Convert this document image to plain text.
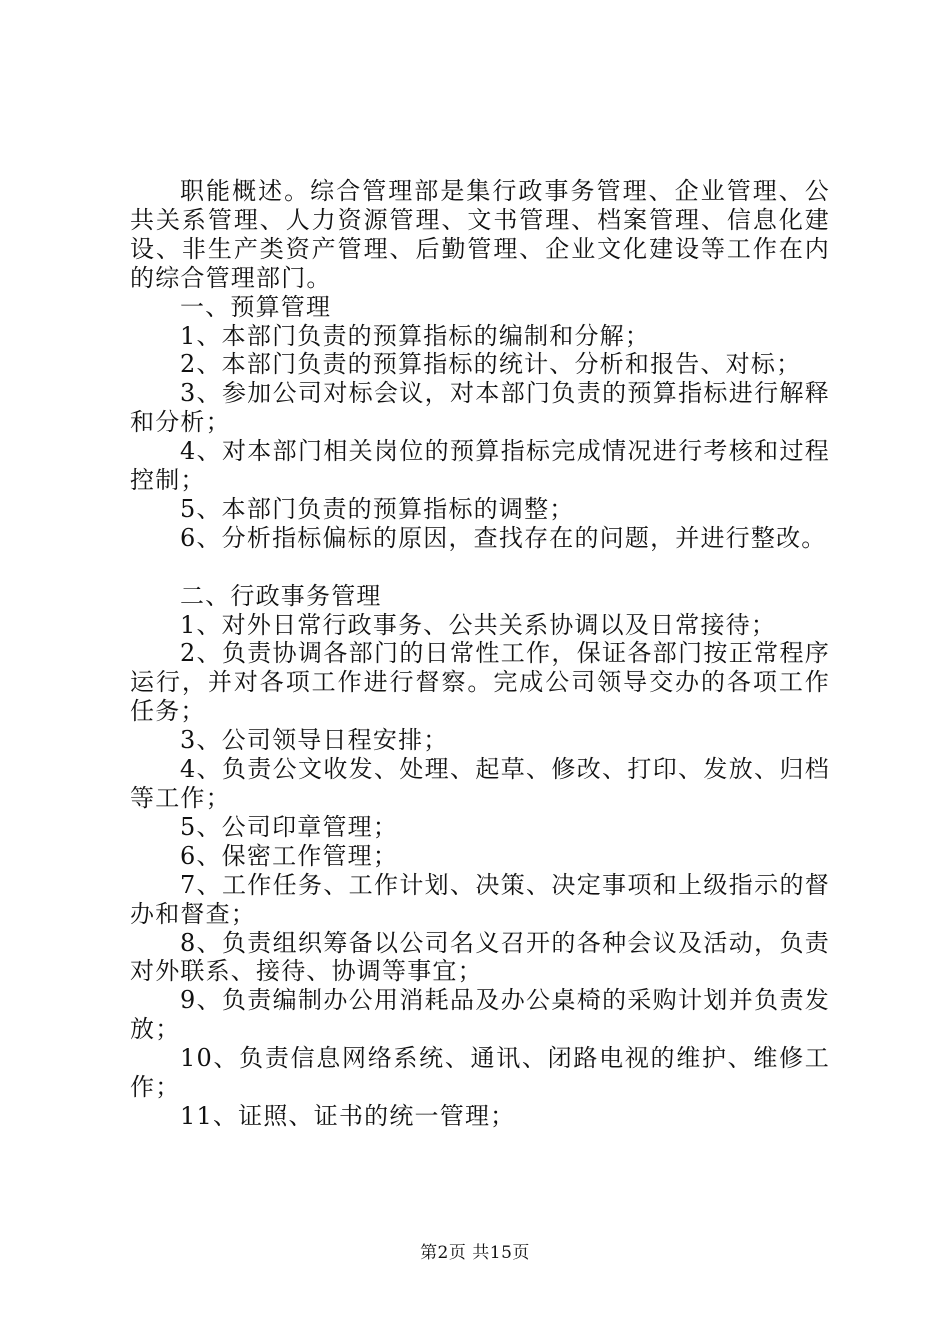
职能概述。综合管理部是集行政事务管理、企业管理、公共关系管理、人力资源管理、文书管理、档案管理、信息化建设、非生产类资产管理、后勤管理、企业文化建设等工作在内的综合管理部门。

一、预算管理

1、本部门负责的预算指标的编制和分解；

2、本部门负责的预算指标的统计、分析和报告、对标；

3、参加公司对标会议，对本部门负责的预算指标进行解释和分析；

4、对本部门相关岗位的预算指标完成情况进行考核和过程控制；

5、本部门负责的预算指标的调整；

6、分析指标偏标的原因，查找存在的问题，并进行整改。

二、行政事务管理

1、对外日常行政事务、公共关系协调以及日常接待；

2、负责协调各部门的日常性工作，保证各部门按正常程序运行，并对各项工作进行督察。完成公司领导交办的各项工作任务；

3、公司领导日程安排；

4、负责公文收发、处理、起草、修改、打印、发放、归档等工作；

5、公司印章管理；

6、保密工作管理；

7、工作任务、工作计划、决策、决定事项和上级指示的督办和督查；

8、负责组织筹备以公司名义召开的各种会议及活动，负责对外联系、接待、协调等事宜；

9、负责编制办公用消耗品及办公桌椅的采购计划并负责发放；

10、负责信息网络系统、通讯、闭路电视的维护、维修工作；

11、证照、证书的统一管理；

第2页 共15页
